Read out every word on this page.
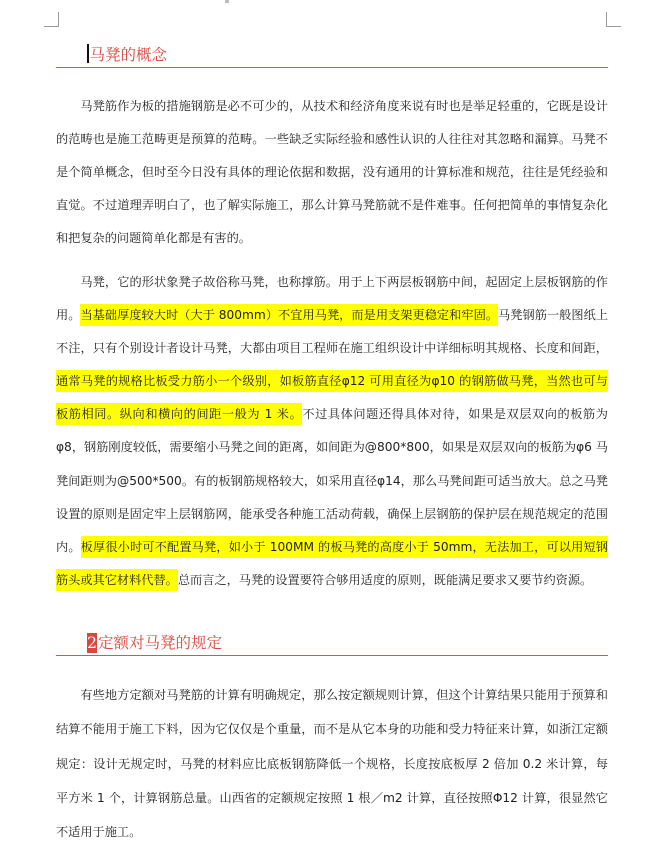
马凳的概念

马凳筋作为板的措施钢筋是必不可少的，从技术和经济角度来说有时也是举足轻重的，它既是设计的范畴也是施工范畴更是预算的范畴。一些缺乏实际经验和感性认识的人往往对其忽略和漏算。马凳不是个简单概念，但时至今日没有具体的理论依据和数据，没有通用的计算标准和规范，往往是凭经验和直觉。不过道理弄明白了，也了解实际施工，那么计算马凳筋就不是件难事。任何把简单的事情复杂化和把复杂的问题简单化都是有害的。

马凳，它的形状象凳子故俗称马凳，也称撑筋。用于上下两层板钢筋中间，起固定上层板钢筋的作用。当基础厚度较大时（大于 800mm）不宜用马凳，而是用支架更稳定和牢固。马凳钢筋一般图纸上不注，只有个别设计者设计马凳，大都由项目工程师在施工组织设计中详细标明其规格、长度和间距，通常马凳的规格比板受力筋小一个级别，如板筋直径φ12 可用直径为φ10 的钢筋做马凳，当然也可与板筋相同。纵向和横向的间距一般为 1 米。不过具体问题还得具体对待，如果是双层双向的板筋为φ8，钢筋刚度较低，需要缩小马凳之间的距离，如间距为@800*800，如果是双层双向的板筋为φ6 马凳间距则为@500*500。有的板钢筋规格较大，如采用直径φ14，那么马凳间距可适当放大。总之马凳设置的原则是固定牢上层钢筋网，能承受各种施工活动荷载，确保上层钢筋的保护层在规范规定的范围内。板厚很小时可不配置马凳，如小于 100MM 的板马凳的高度小于 50mm，无法加工，可以用短钢筋头或其它材料代替。总而言之，马凳的设置要符合够用适度的原则，既能满足要求又要节约资源。

2定额对马凳的规定

有些地方定额对马凳筋的计算有明确规定，那么按定额规则计算，但这个计算结果只能用于预算和结算不能用于施工下料，因为它仅仅是个重量，而不是从它本身的功能和受力特征来计算，如浙江定额规定：设计无规定时，马凳的材料应比底板钢筋降低一个规格，长度按底板厚 2 倍加 0.2 米计算，每平方米 1 个，计算钢筋总量。山西省的定额规定按照 1 根／m2 计算，直径按照Φ12 计算，很显然它不适用于施工。
